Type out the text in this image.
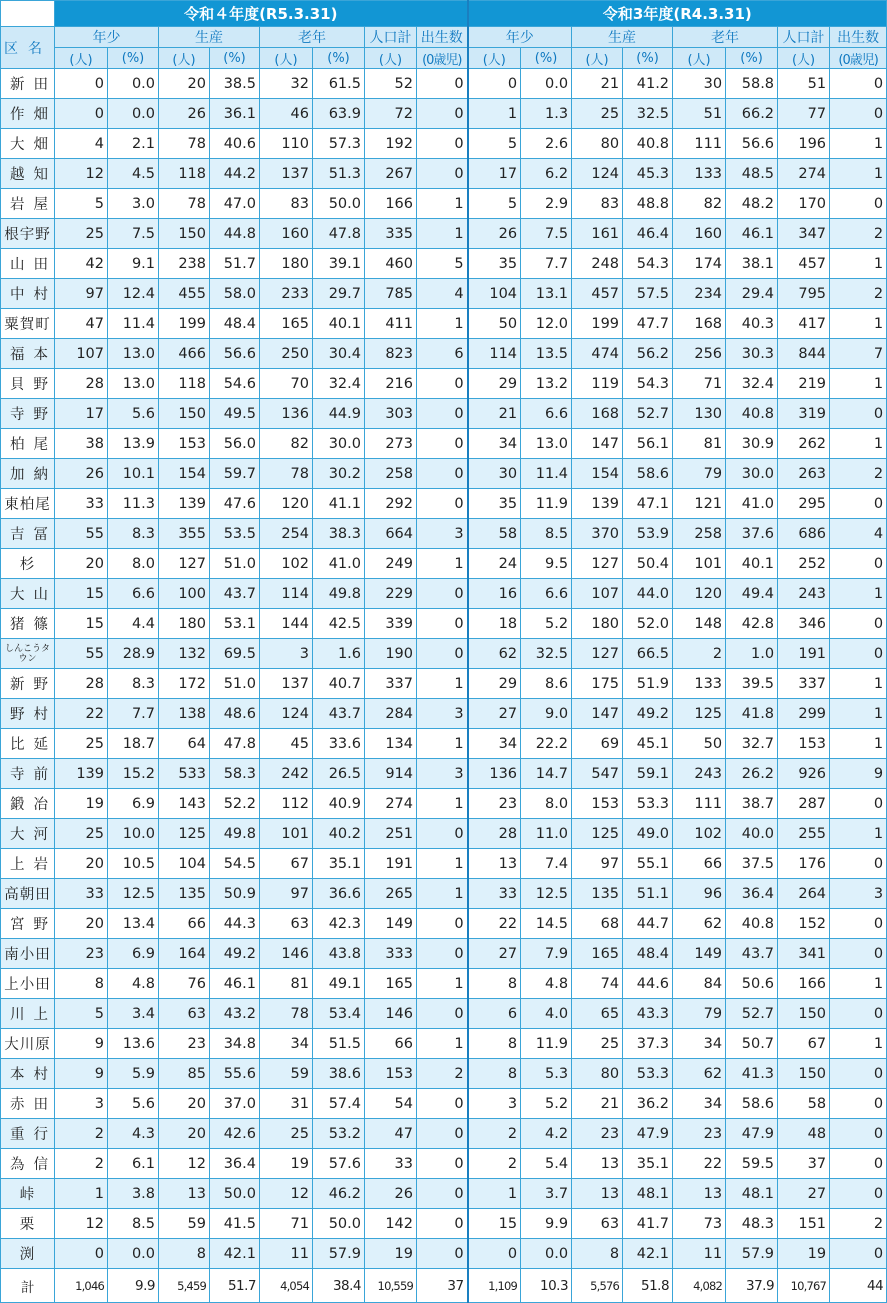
	令和４年度(R5.3.31)								令和3年度(R4.3.31)							
区名	年少		生産		老年		人口計	出生数	年少		生産		老年		人口計	出生数
	(人)	(%)	(人)	(%)	(人)	(%)	(人)	(0歳児)	(人)	(%)	(人)	(%)	(人)	(%)	(人)	(0歳児)
新田	0	0.0	20	38.5	32	61.5	52	0	0	0.0	21	41.2	30	58.8	51	0
作畑	0	0.0	26	36.1	46	63.9	72	0	1	1.3	25	32.5	51	66.2	77	0
大畑	4	2.1	78	40.6	110	57.3	192	0	5	2.6	80	40.8	111	56.6	196	1
越知	12	4.5	118	44.2	137	51.3	267	0	17	6.2	124	45.3	133	48.5	274	1
岩屋	5	3.0	78	47.0	83	50.0	166	1	5	2.9	83	48.8	82	48.2	170	0
根宇野	25	7.5	150	44.8	160	47.8	335	1	26	7.5	161	46.4	160	46.1	347	2
山田	42	9.1	238	51.7	180	39.1	460	5	35	7.7	248	54.3	174	38.1	457	1
中村	97	12.4	455	58.0	233	29.7	785	4	104	13.1	457	57.5	234	29.4	795	2
粟賀町	47	11.4	199	48.4	165	40.1	411	1	50	12.0	199	47.7	168	40.3	417	1
福本	107	13.0	466	56.6	250	30.4	823	6	114	13.5	474	56.2	256	30.3	844	7
貝野	28	13.0	118	54.6	70	32.4	216	0	29	13.2	119	54.3	71	32.4	219	1
寺野	17	5.6	150	49.5	136	44.9	303	0	21	6.6	168	52.7	130	40.8	319	0
柏尾	38	13.9	153	56.0	82	30.0	273	0	34	13.0	147	56.1	81	30.9	262	1
加納	26	10.1	154	59.7	78	30.2	258	0	30	11.4	154	58.6	79	30.0	263	2
東柏尾	33	11.3	139	47.6	120	41.1	292	0	35	11.9	139	47.1	121	41.0	295	0
吉冨	55	8.3	355	53.5	254	38.3	664	3	58	8.5	370	53.9	258	37.6	686	4
杉	20	8.0	127	51.0	102	41.0	249	1	24	9.5	127	50.4	101	40.1	252	0
大山	15	6.6	100	43.7	114	49.8	229	0	16	6.6	107	44.0	120	49.4	243	1
猪篠	15	4.4	180	53.1	144	42.5	339	0	18	5.2	180	52.0	148	42.8	346	0
しんこうタウン	55	28.9	132	69.5	3	1.6	190	0	62	32.5	127	66.5	2	1.0	191	0
新野	28	8.3	172	51.0	137	40.7	337	1	29	8.6	175	51.9	133	39.5	337	1
野村	22	7.7	138	48.6	124	43.7	284	3	27	9.0	147	49.2	125	41.8	299	1
比延	25	18.7	64	47.8	45	33.6	134	1	34	22.2	69	45.1	50	32.7	153	1
寺前	139	15.2	533	58.3	242	26.5	914	3	136	14.7	547	59.1	243	26.2	926	9
鍛冶	19	6.9	143	52.2	112	40.9	274	1	23	8.0	153	53.3	111	38.7	287	0
大河	25	10.0	125	49.8	101	40.2	251	0	28	11.0	125	49.0	102	40.0	255	1
上岩	20	10.5	104	54.5	67	35.1	191	1	13	7.4	97	55.1	66	37.5	176	0
高朝田	33	12.5	135	50.9	97	36.6	265	1	33	12.5	135	51.1	96	36.4	264	3
宮野	20	13.4	66	44.3	63	42.3	149	0	22	14.5	68	44.7	62	40.8	152	0
南小田	23	6.9	164	49.2	146	43.8	333	0	27	7.9	165	48.4	149	43.7	341	0
上小田	8	4.8	76	46.1	81	49.1	165	1	8	4.8	74	44.6	84	50.6	166	1
川上	5	3.4	63	43.2	78	53.4	146	0	6	4.0	65	43.3	79	52.7	150	0
大川原	9	13.6	23	34.8	34	51.5	66	1	8	11.9	25	37.3	34	50.7	67	1
本村	9	5.9	85	55.6	59	38.6	153	2	8	5.3	80	53.3	62	41.3	150	0
赤田	3	5.6	20	37.0	31	57.4	54	0	3	5.2	21	36.2	34	58.6	58	0
重行	2	4.3	20	42.6	25	53.2	47	0	2	4.2	23	47.9	23	47.9	48	0
為信	2	6.1	12	36.4	19	57.6	33	0	2	5.4	13	35.1	22	59.5	37	0
峠	1	3.8	13	50.0	12	46.2	26	0	1	3.7	13	48.1	13	48.1	27	0
栗	12	8.5	59	41.5	71	50.0	142	0	15	9.9	63	41.7	73	48.3	151	2
渕	0	0.0	8	42.1	11	57.9	19	0	0	0.0	8	42.1	11	57.9	19	0
計	1,046	9.9	5,459	51.7	4,054	38.4	10,559	37	1,109	10.3	5,576	51.8	4,082	37.9	10,767	44
